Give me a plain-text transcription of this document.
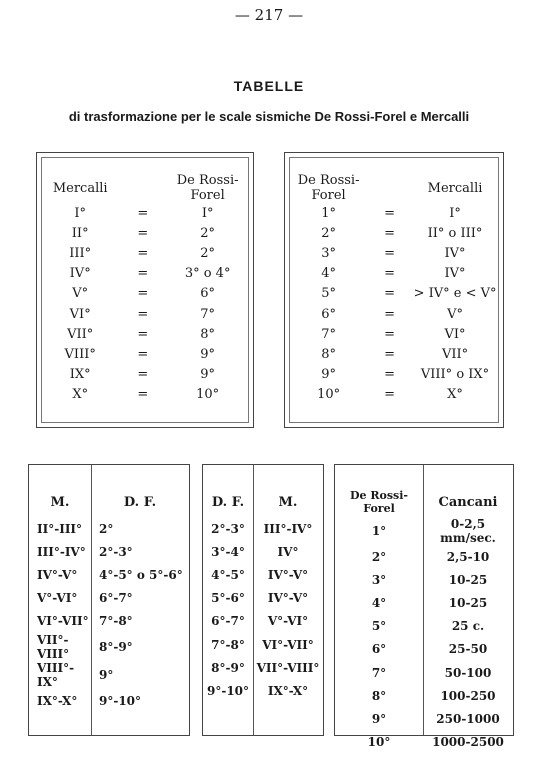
— 217 —
TABELLE
di trasformazione per le scale sismiche De Rossi-Forel e Mercalli
Mercalli		De Rossi-Forel
I°	=	I°
II°	=	2°
III°	=	2°
IV°	=	3° o 4°
V°	=	6°
VI°	=	7°
VII°	=	8°
VIII°	=	9°
IX°	=	9°
X°	=	10°
De Rossi-Forel		Mercalli
1°	=	I°
2°	=	II° o III°
3°	=	IV°
4°	=	IV°
5°	=	> IV° e < V°
6°	=	V°
7°	=	VI°
8°	=	VII°
9°	=	VIII° o IX°
10°	=	X°
M.	D. F.
II°-III°	2°
III°-IV°	2°-3°
IV°-V°	4°-5° o 5°-6°
V°-VI°	6°-7°
VI°-VII°	7°-8°
VII°-VIII°	8°-9°
VIII°-IX°	9°
IX°-X°	9°-10°
D. F.	M.
2°-3°	III°-IV°
3°-4°	IV°
4°-5°	IV°-V°
5°-6°	IV°-V°
6°-7°	V°-VI°
7°-8°	VI°-VII°
8°-9°	VII°-VIII°
9°-10°	IX°-X°
De Rossi-Forel	Cancani
1°	0-2,5 mm/sec.
2°	2,5-10
3°	10-25
4°	10-25
5°	25 c.
6°	25-50
7°	50-100
8°	100-250
9°	250-1000
10°	1000-2500
